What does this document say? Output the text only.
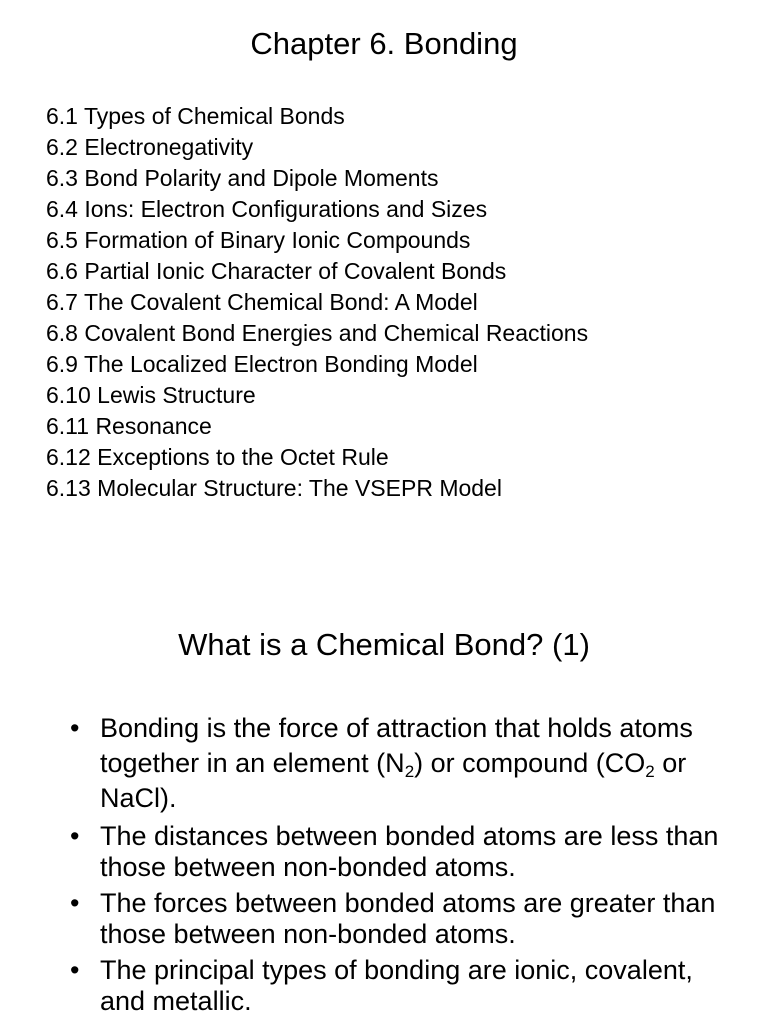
Chapter 6. Bonding
6.1 Types of Chemical Bonds
6.2 Electronegativity
6.3 Bond Polarity and Dipole Moments
6.4 Ions: Electron Configurations and Sizes
6.5 Formation of Binary Ionic Compounds
6.6 Partial Ionic Character of Covalent Bonds
6.7 The Covalent Chemical Bond: A Model
6.8 Covalent Bond Energies and Chemical Reactions
6.9 The Localized Electron Bonding Model
6.10 Lewis Structure
6.11 Resonance
6.12 Exceptions to the Octet Rule
6.13 Molecular Structure: The VSEPR Model
What is a Chemical Bond? (1)
• Bonding is the force of attraction that holds atoms together in an element $(N_2)$ or compound ($CO_2$ or NaCl).
• The distances between bonded atoms are less than those between non-bonded atoms.
• The forces between bonded atoms are greater than those between non-bonded atoms.
• The principal types of bonding are ionic, covalent, and metallic.
